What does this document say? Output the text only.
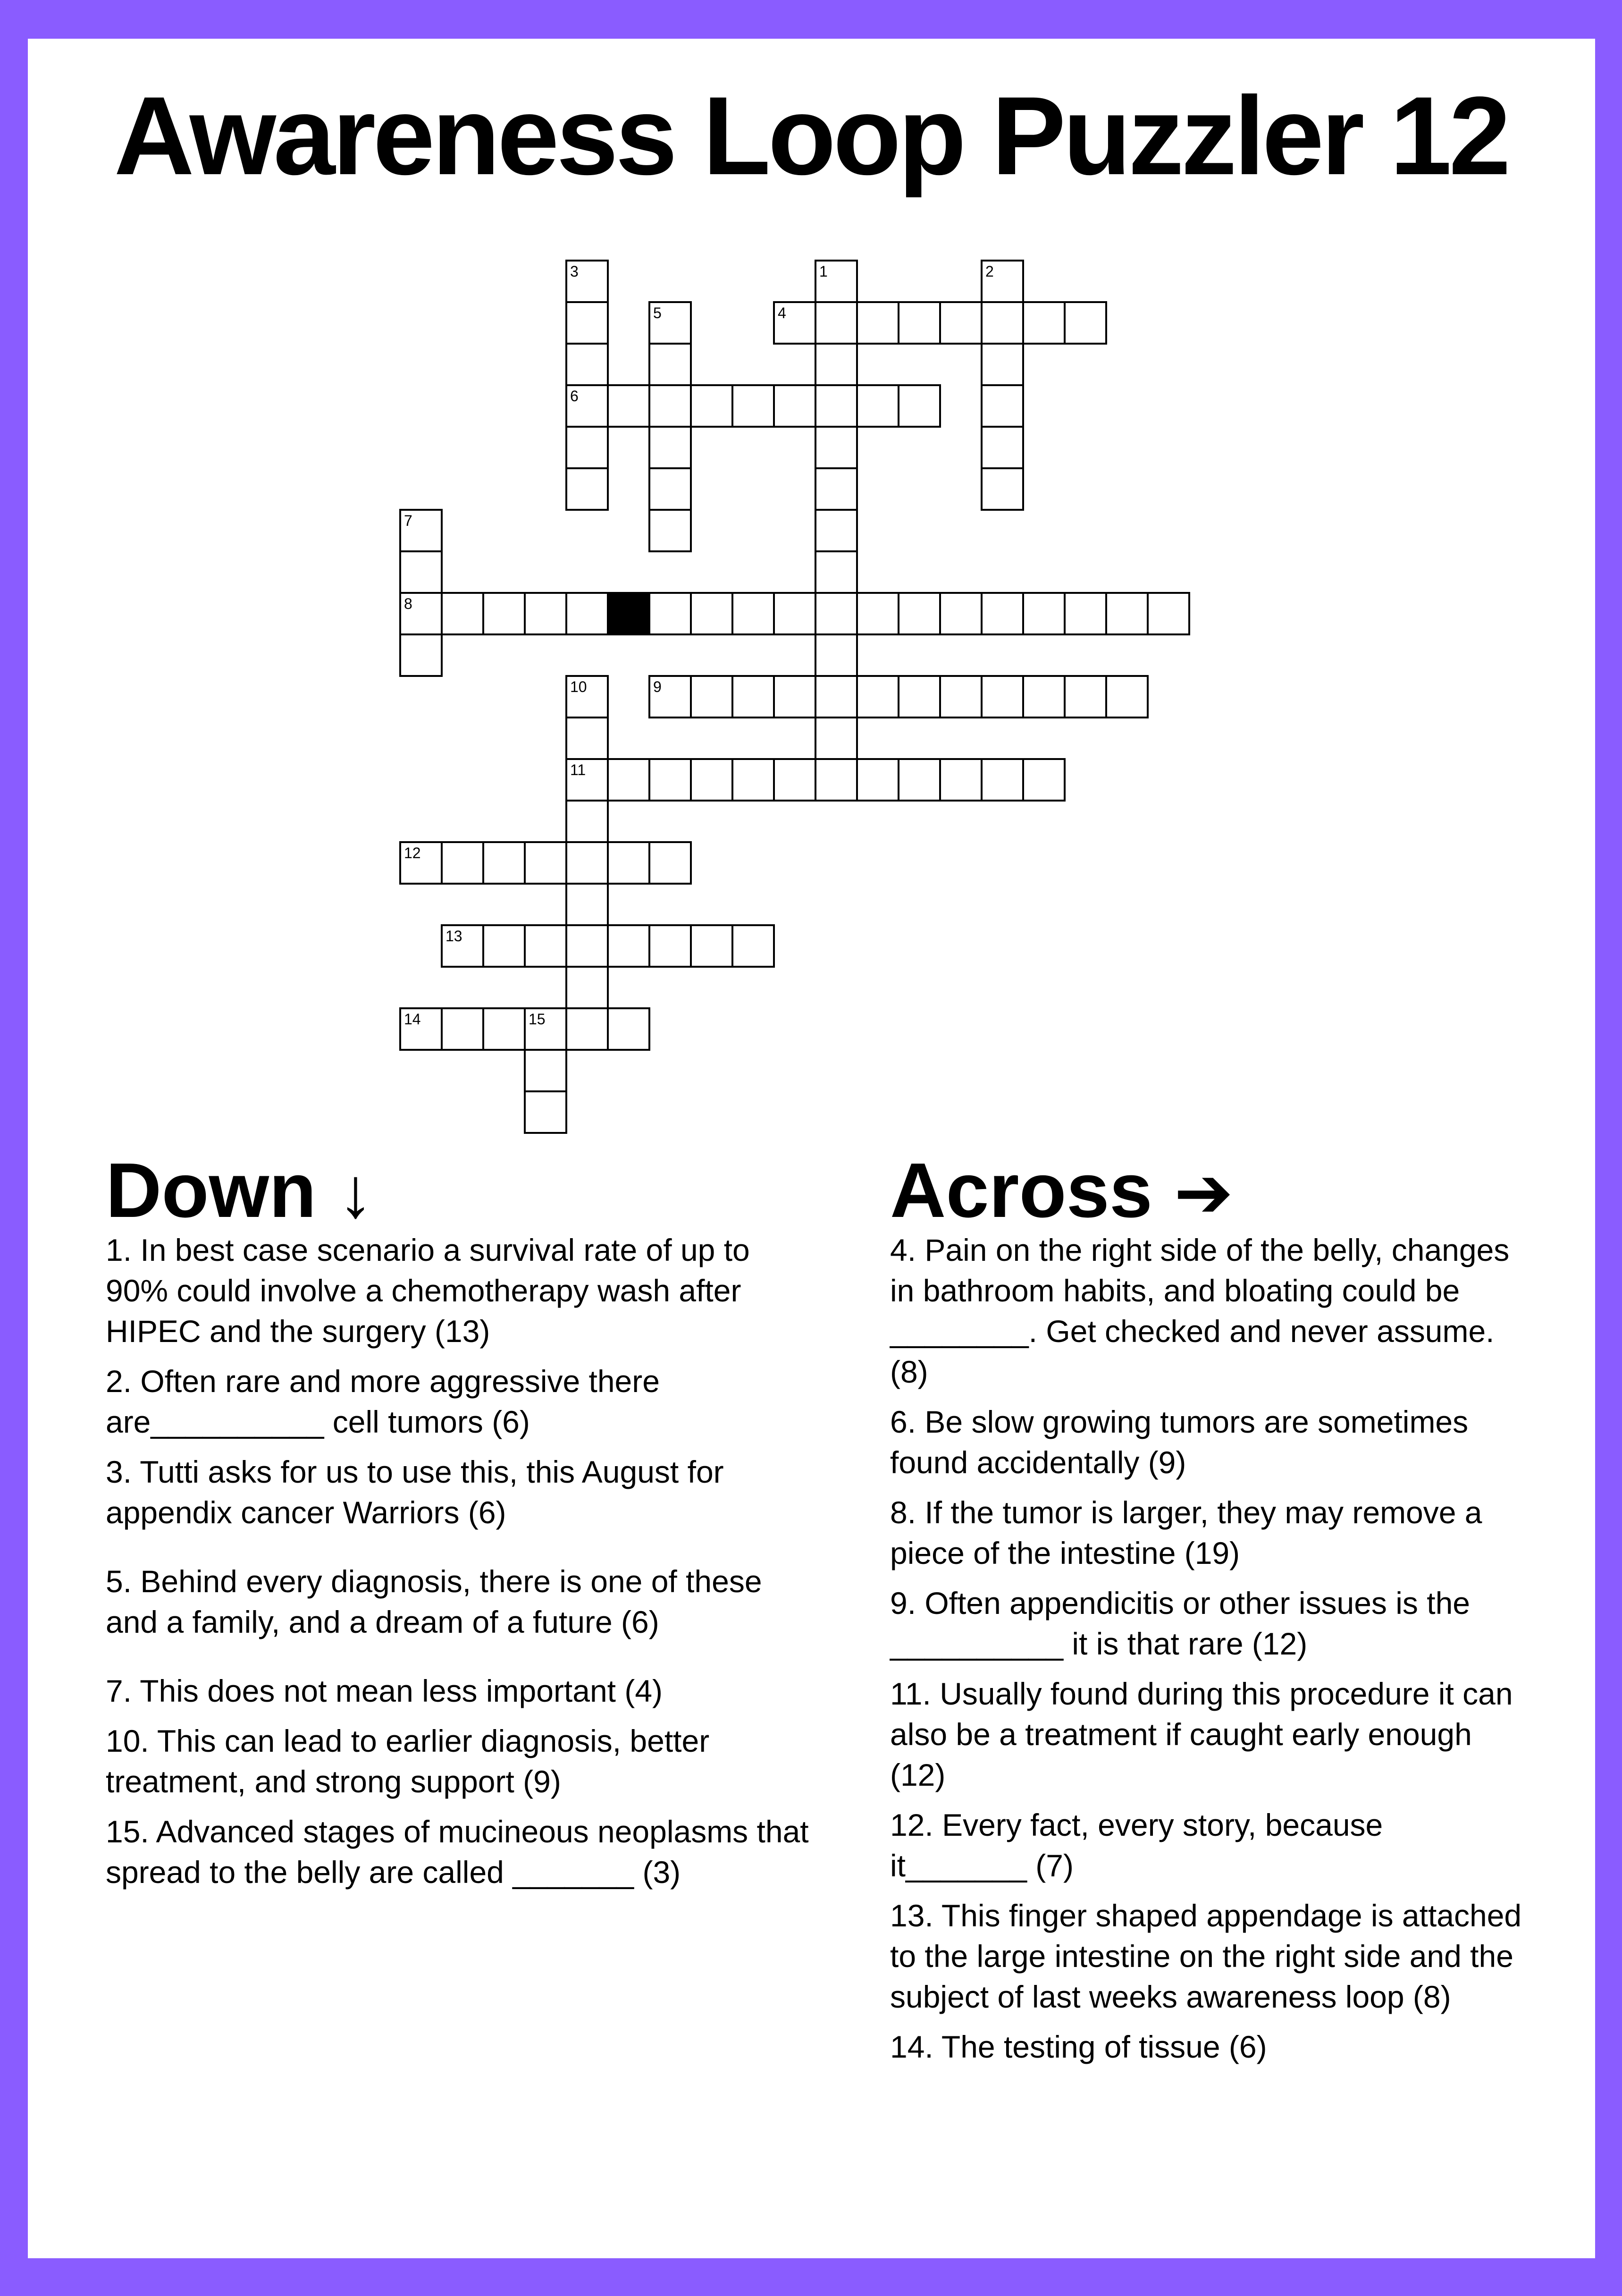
Awareness Loop Puzzler 12
3	1	2
4
5
6
7
8
9
10
11
12
13
14	15
Down ↓
1. In best case scenario a survival rate of up to 90% could involve a chemotherapy wash after HIPEC and the surgery (13)
2. Often rare and more aggressive there are__________ cell tumors (6)
3. Tutti asks for us to use this, this August for appendix cancer Warriors (6)
5. Behind every diagnosis, there is one of these and a family, and a dream of a future (6)
7. This does not mean less important (4)
10. This can lead to earlier diagnosis, better treatment, and strong support (9)
15. Advanced stages of mucineous neoplasms that spread to the belly are called _______ (3)
Across ➔
4. Pain on the right side of the belly, changes in bathroom habits, and bloating could be ________. Get checked and never assume. (8)
6. Be slow growing tumors are sometimes found accidentally (9)
8. If the tumor is larger, they may remove a piece of the intestine (19)
9. Often appendicitis or other issues is the __________ it is that rare (12)
11. Usually found during this procedure it can also be a treatment if caught early enough (12)
12. Every fact, every story, because it_______ (7)
13. This finger shaped appendage is attached to the large intestine on the right side and the subject of last weeks awareness loop (8)
14. The testing of tissue (6)
